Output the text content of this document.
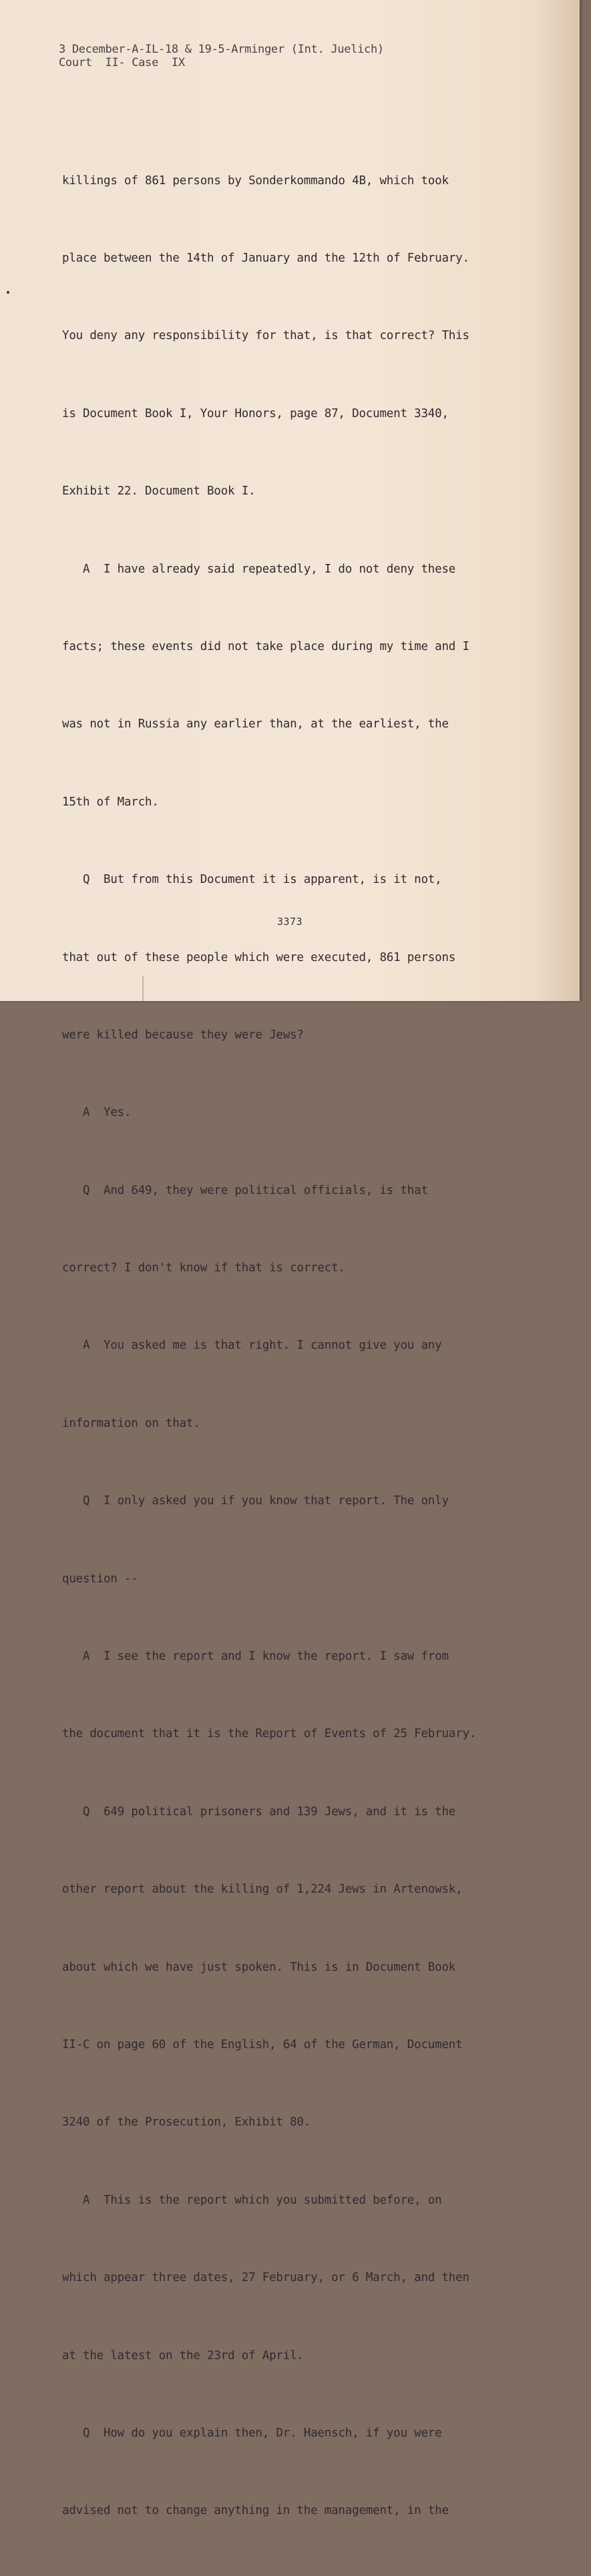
3 December-A-IL-18 & 19-5-Arminger (Int. Juelich)
Court  II- Case  IX

killings of 861 persons by Sonderkommando 4B, which took

place between the 14th of January and the 12th of February.

You deny any responsibility for that, is that correct? This

is Document Book I, Your Honors, page 87, Document 3340,

Exhibit 22. Document Book I.

A  I have already said repeatedly, I do not deny these

facts; these events did not take place during my time and I

was not in Russia any earlier than, at the earliest, the

15th of March.

Q  But from this Document it is apparent, is it not,

that out of these people which were executed, 861 persons

were killed because they were Jews?

A  Yes.

Q  And 649, they were political officials, is that

correct? I don't know if that is correct.

A  You asked me is that right. I cannot give you any

information on that.

Q  I only asked you if you know that report. The only

question --

A  I see the report and I know the report. I saw from

the document that it is the Report of Events of 25 February.

Q  649 political prisoners and 139 Jews, and it is the

other report about the killing of 1,224 Jews in Artenowsk,

about which we have just spoken. This is in Document Book

II-C on page 60 of the English, 64 of the German, Document

3240 of the Prosecution, Exhibit 80.

A  This is the report which you submitted before, on

which appear three dates, 27 February, or 6 March, and then

at the latest on the 23rd of April.

Q  How do you explain then, Dr. Haensch, if you were

advised not to change anything in the management, in the

3373
